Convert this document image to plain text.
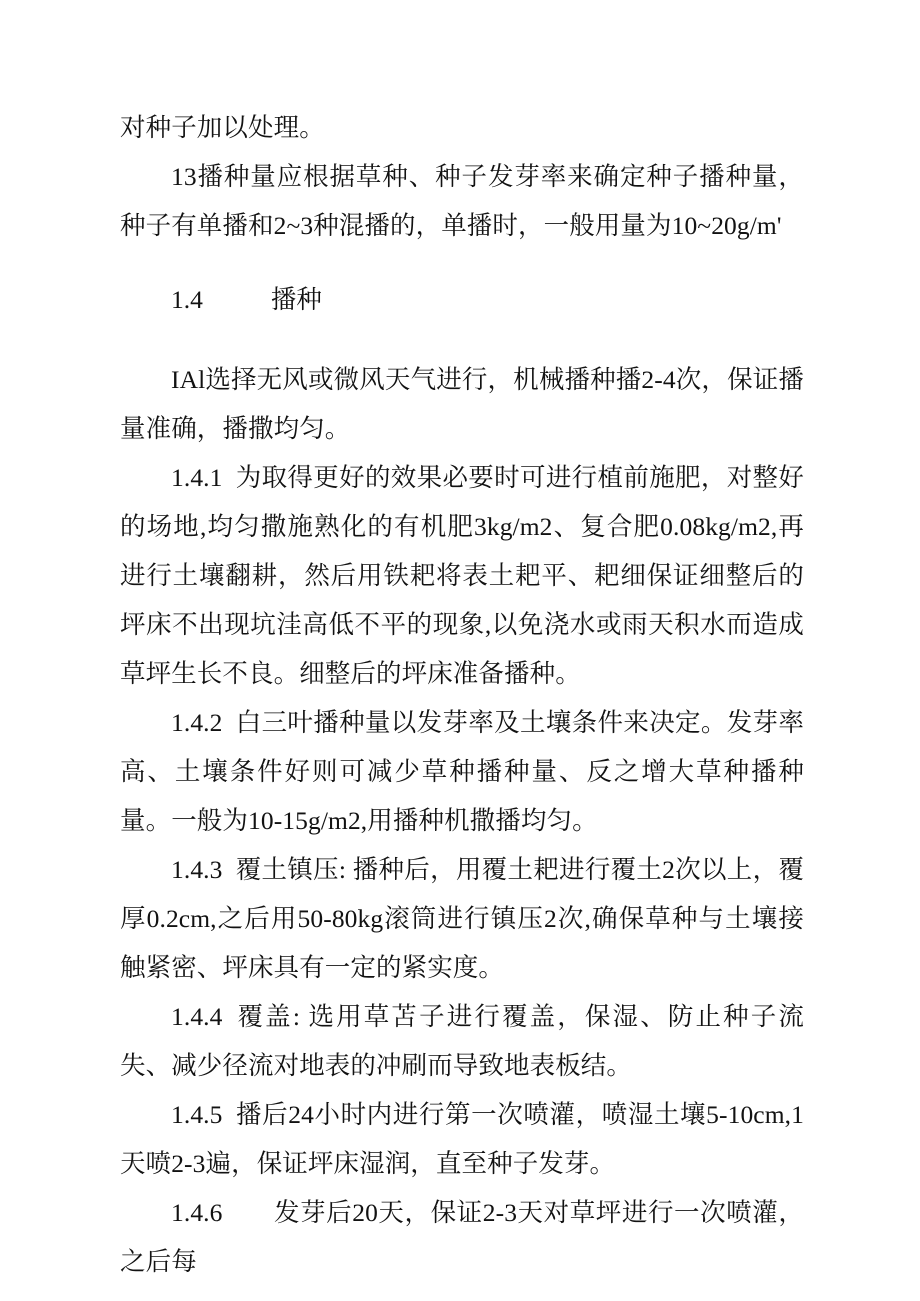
对种子加以处理。

13播种量应根据草种、种子发芽率来确定种子播种量，种子有单播和2~3种混播的，单播时，一般用量为10~20g/m'

1.4	播种

IAl选择无风或微风天气进行，机械播种播2-4次，保证播量准确，播撒均匀。

1.4.1 为取得更好的效果必要时可进行植前施肥，对整好的场地,均匀撒施熟化的有机肥3kg/m2、复合肥0.08kg/m2,再进行土壤翻耕，然后用铁耙将表土耙平、耙细保证细整后的坪床不出现坑洼高低不平的现象,以免浇水或雨天积水而造成草坪生长不良。细整后的坪床准备播种。

1.4.2 白三叶播种量以发芽率及土壤条件来决定。发芽率高、土壤条件好则可减少草种播种量、反之增大草种播种量。一般为10-15g/m2,用播种机撒播均匀。

1.4.3 覆土镇压: 播种后，用覆土耙进行覆土2次以上，覆厚0.2cm,之后用50-80kg滚筒进行镇压2次,确保草种与土壤接触紧密、坪床具有一定的紧实度。

1.4.4 覆盖: 选用草苫子进行覆盖，保湿、防止种子流失、减少径流对地表的冲刷而导致地表板结。

1.4.5 播后24小时内进行第一次喷灌，喷湿土壤5-10cm,1天喷2-3遍，保证坪床湿润，直至种子发芽。

1.4.6 发芽后20天，保证2-3天对草坪进行一次喷灌，之后每
